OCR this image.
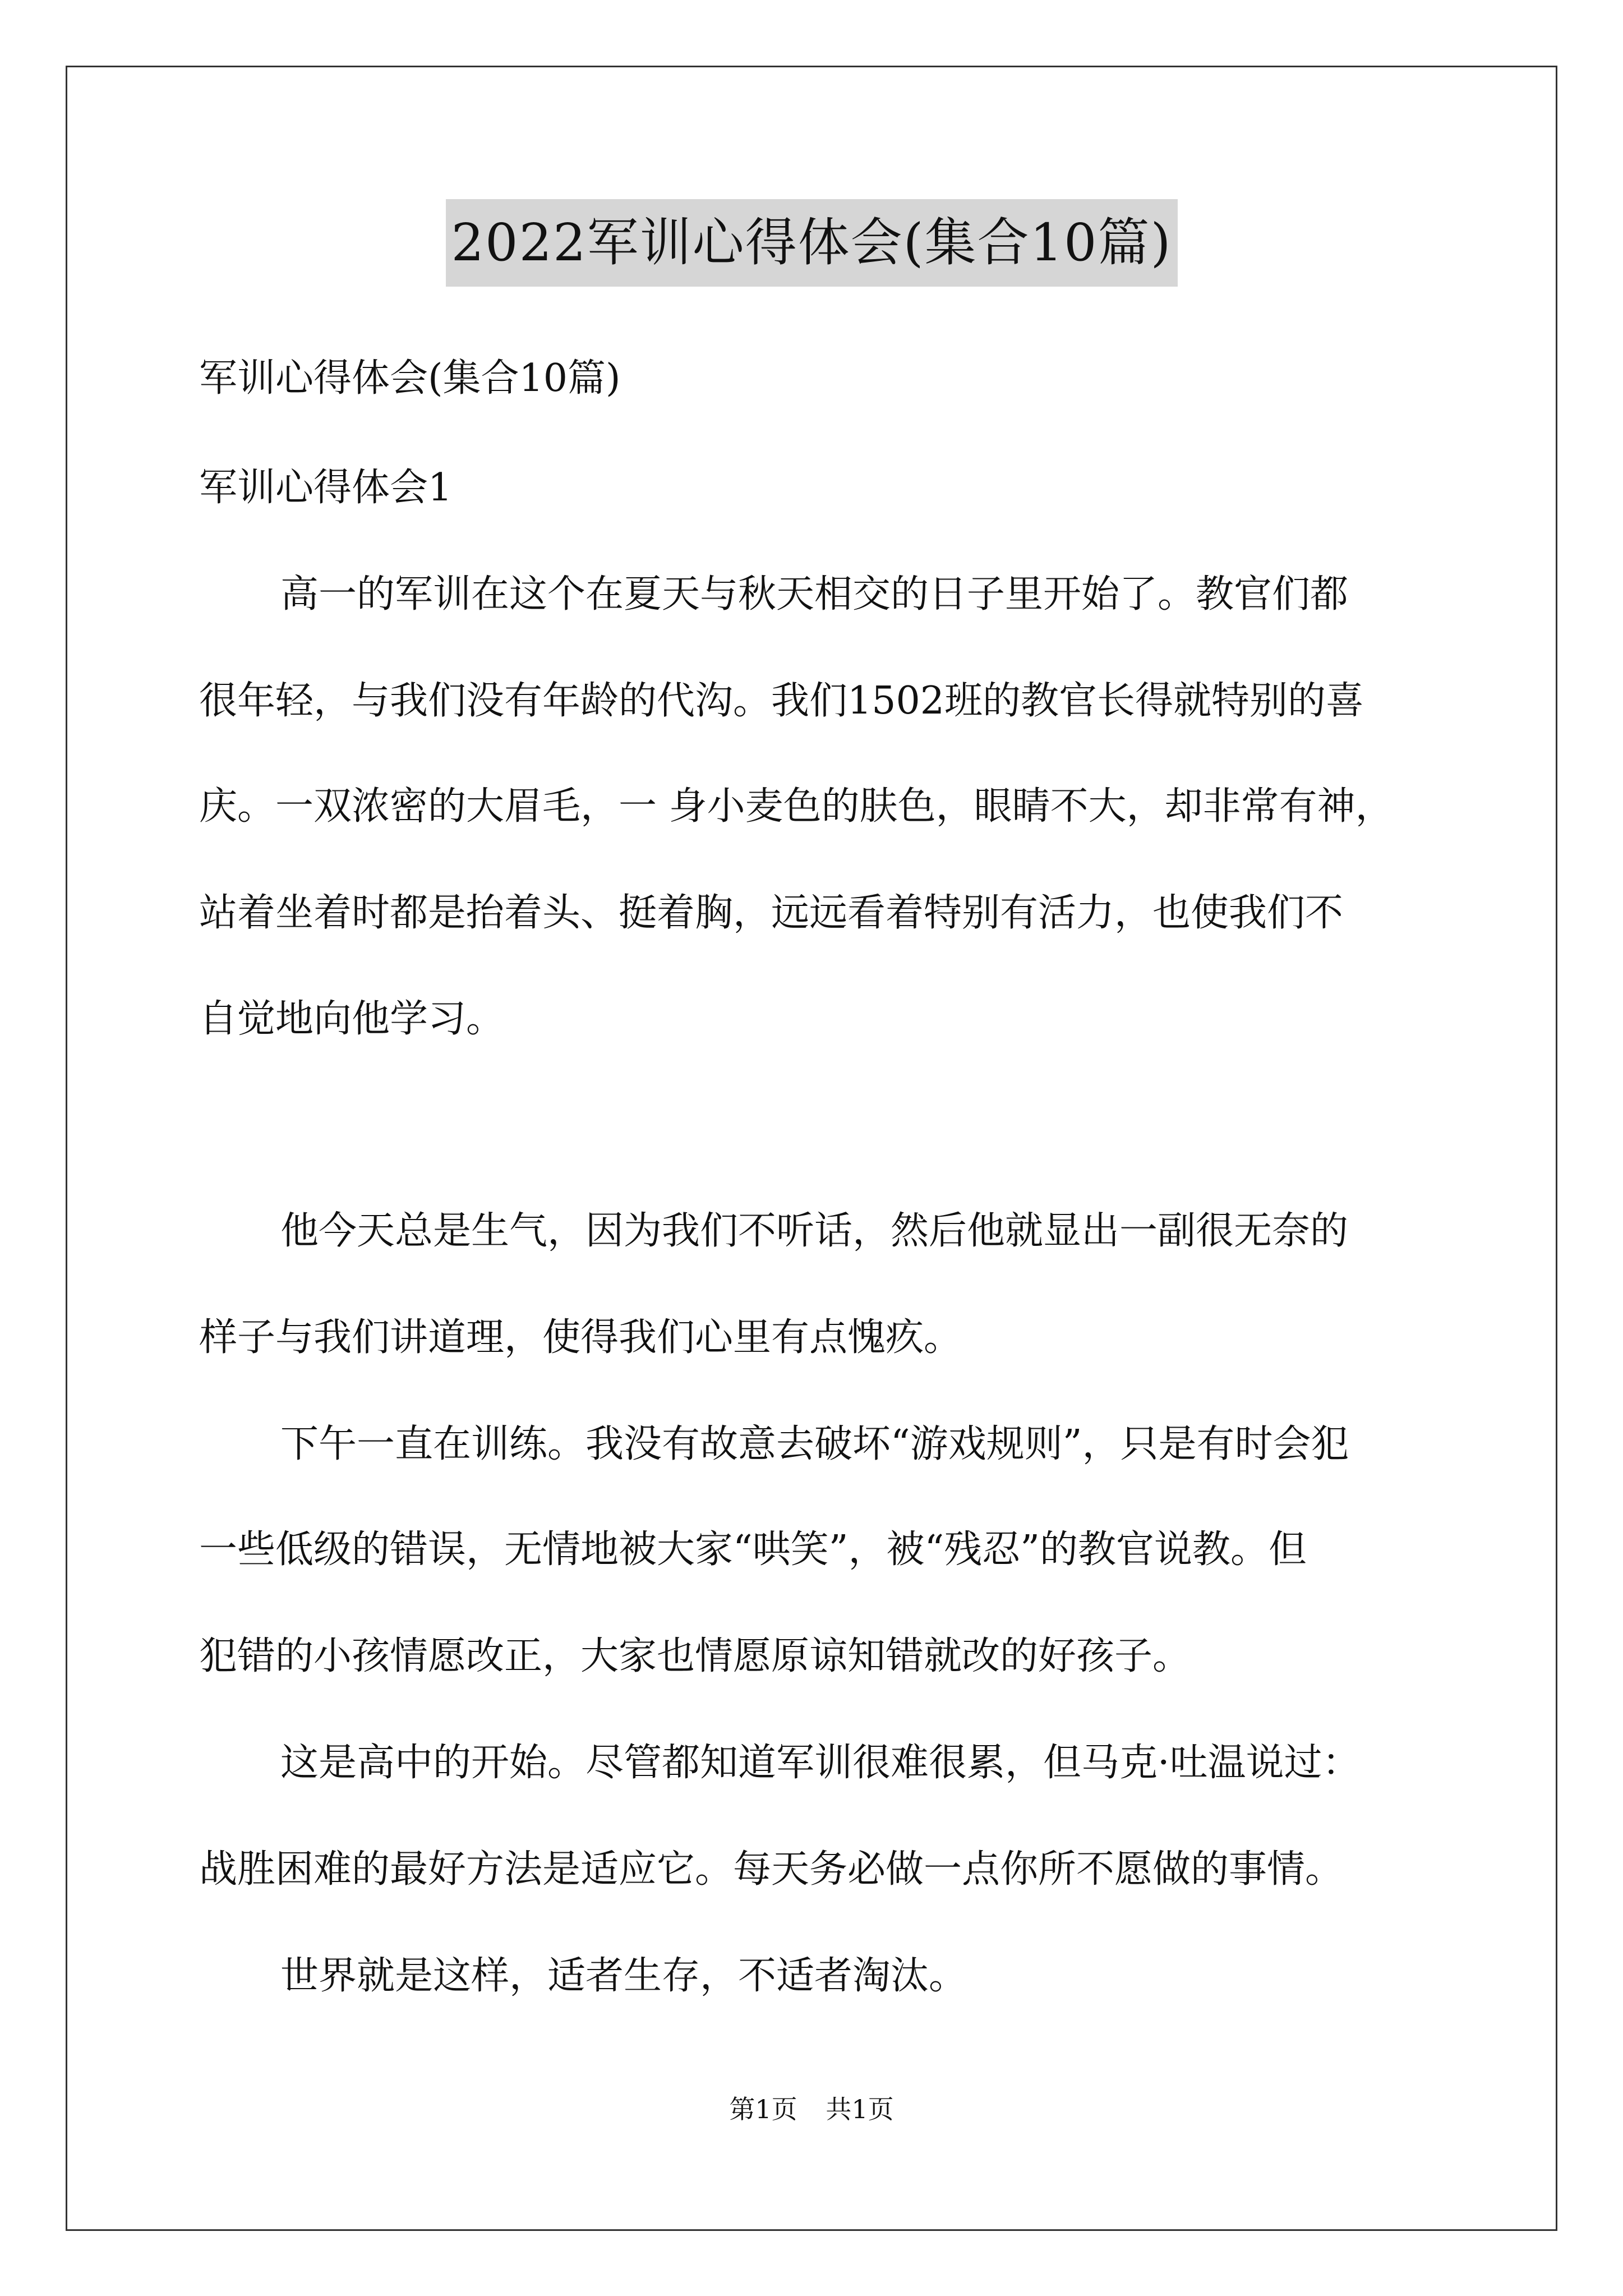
2022军训心得体会(集合10篇)
军训心得体会(集合10篇)
军训心得体会1
高一的军训在这个在夏天与秋天相交的日子里开始了。教官们都
很年轻，与我们没有年龄的代沟。我们1502班的教官长得就特别的喜
庆。一双浓密的大眉毛，一 身小麦色的肤色，眼睛不大，却非常有神，
站着坐着时都是抬着头、挺着胸，远远看着特别有活力，也使我们不
自觉地向他学习。
他今天总是生气，因为我们不听话，然后他就显出一副很无奈的
样子与我们讲道理，使得我们心里有点愧疚。
下午一直在训练。我没有故意去破坏“游戏规则”，只是有时会犯
一些低级的错误，无情地被大家“哄笑”，被“残忍”的教官说教。但
犯错的小孩情愿改正，大家也情愿原谅知错就改的好孩子。
这是高中的开始。尽管都知道军训很难很累，但马克·吐温说过：
战胜困难的最好方法是适应它。每天务必做一点你所不愿做的事情。
世界就是这样，适者生存，不适者淘汰。
第1页 共1页
